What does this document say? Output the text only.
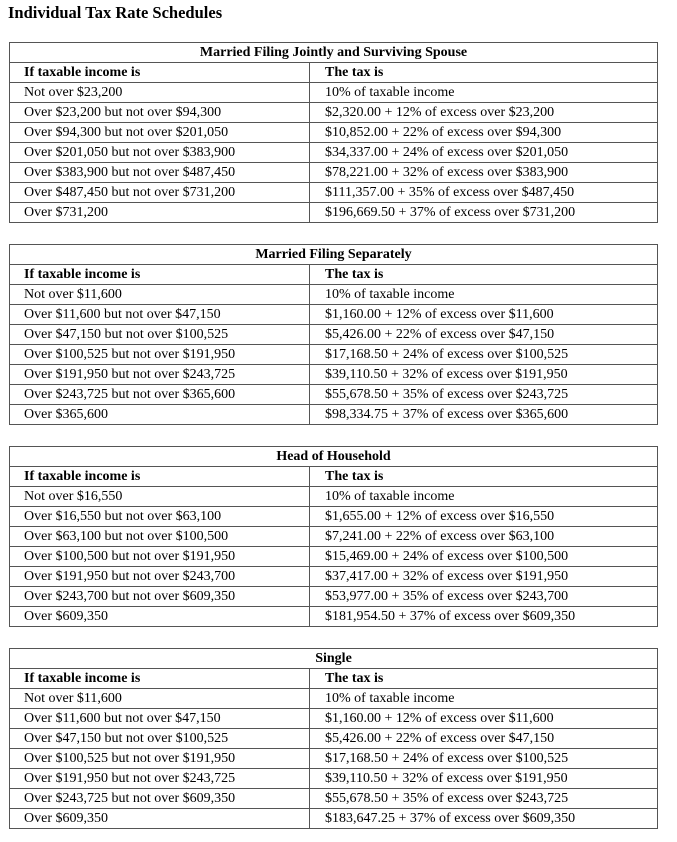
Individual Tax Rate Schedules
Married Filing Jointly and Surviving Spouse	
If taxable income is	The tax is
Not over $23,200	10% of taxable income
Over $23,200 but not over $94,300	$2,320.00 + 12% of excess over $23,200
Over $94,300 but not over $201,050	$10,852.00 + 22% of excess over $94,300
Over $201,050 but not over $383,900	$34,337.00 + 24% of excess over $201,050
Over $383,900 but not over $487,450	$78,221.00 + 32% of excess over $383,900
Over $487,450 but not over $731,200	$111,357.00 + 35% of excess over $487,450
Over $731,200	$196,669.50 + 37% of excess over $731,200
Married Filing Separately	
If taxable income is	The tax is
Not over $11,600	10% of taxable income
Over $11,600 but not over $47,150	$1,160.00 + 12% of excess over $11,600
Over $47,150 but not over $100,525	$5,426.00 + 22% of excess over $47,150
Over $100,525 but not over $191,950	$17,168.50 + 24% of excess over $100,525
Over $191,950 but not over $243,725	$39,110.50 + 32% of excess over $191,950
Over $243,725 but not over $365,600	$55,678.50 + 35% of excess over $243,725
Over $365,600	$98,334.75 + 37% of excess over $365,600
Head of Household	
If taxable income is	The tax is
Not over $16,550	10% of taxable income
Over $16,550 but not over $63,100	$1,655.00 + 12% of excess over $16,550
Over $63,100 but not over $100,500	$7,241.00 + 22% of excess over $63,100
Over $100,500 but not over $191,950	$15,469.00 + 24% of excess over $100,500
Over $191,950 but not over $243,700	$37,417.00 + 32% of excess over $191,950
Over $243,700 but not over $609,350	$53,977.00 + 35% of excess over $243,700
Over $609,350	$181,954.50 + 37% of excess over $609,350
Single	
If taxable income is	The tax is
Not over $11,600	10% of taxable income
Over $11,600 but not over $47,150	$1,160.00 + 12% of excess over $11,600
Over $47,150 but not over $100,525	$5,426.00 + 22% of excess over $47,150
Over $100,525 but not over $191,950	$17,168.50 + 24% of excess over $100,525
Over $191,950 but not over $243,725	$39,110.50 + 32% of excess over $191,950
Over $243,725 but not over $609,350	$55,678.50 + 35% of excess over $243,725
Over $609,350	$183,647.25 + 37% of excess over $609,350
